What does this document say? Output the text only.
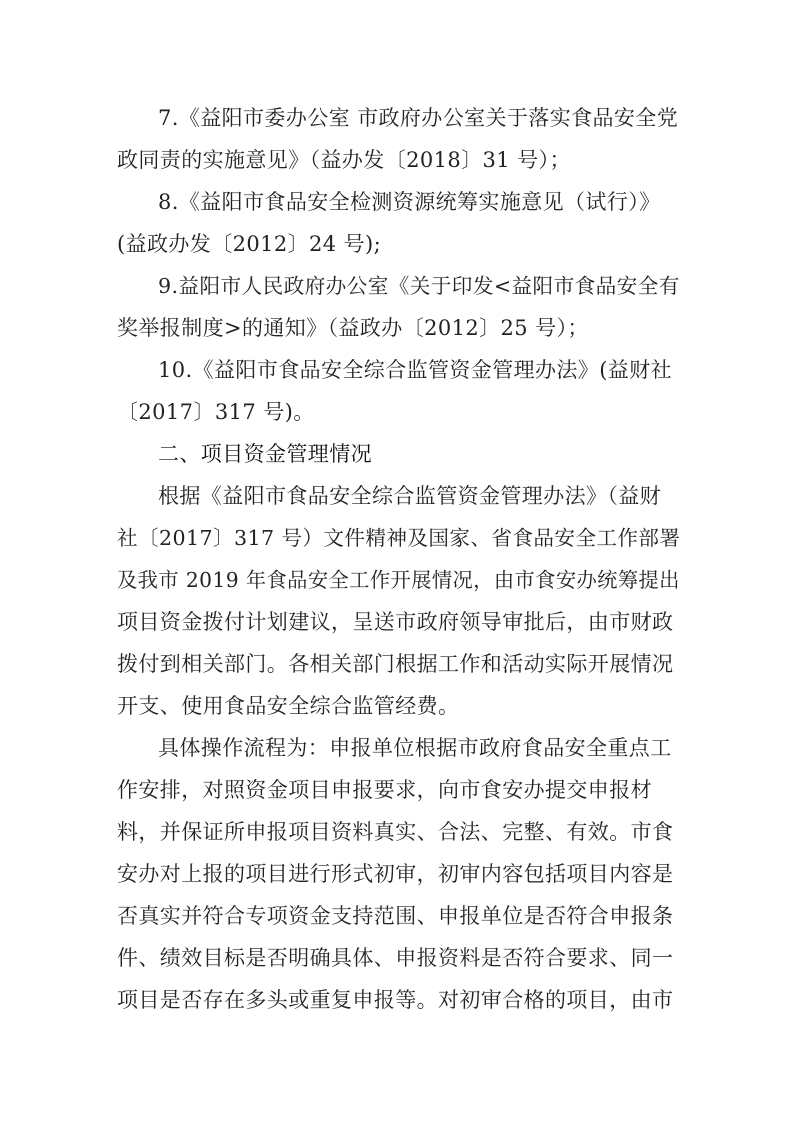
7.《益阳市委办公室 市政府办公室关于落实食品安全党
政同责的实施意见》（益办发〔2018〕31 号）；
8.《益阳市食品安全检测资源统筹实施意见（试行）》
(益政办发〔2012〕24 号);
9.益阳市人民政府办公室《关于印发<益阳市食品安全有
奖举报制度>的通知》（益政办〔2012〕25 号）；
10.《益阳市食品安全综合监管资金管理办法》(益财社
〔2017〕317 号)。
二、项目资金管理情况
根据《益阳市食品安全综合监管资金管理办法》（益财
社〔2017〕317 号）文件精神及国家、省食品安全工作部署
及我市 2019 年食品安全工作开展情况，由市食安办统筹提出
项目资金拨付计划建议，呈送市政府领导审批后，由市财政
拨付到相关部门。各相关部门根据工作和活动实际开展情况
开支、使用食品安全综合监管经费。
具体操作流程为：申报单位根据市政府食品安全重点工
作安排，对照资金项目申报要求，向市食安办提交申报材
料，并保证所申报项目资料真实、合法、完整、有效。市食
安办对上报的项目进行形式初审，初审内容包括项目内容是
否真实并符合专项资金支持范围、申报单位是否符合申报条
件、绩效目标是否明确具体、申报资料是否符合要求、同一
项目是否存在多头或重复申报等。对初审合格的项目，由市
